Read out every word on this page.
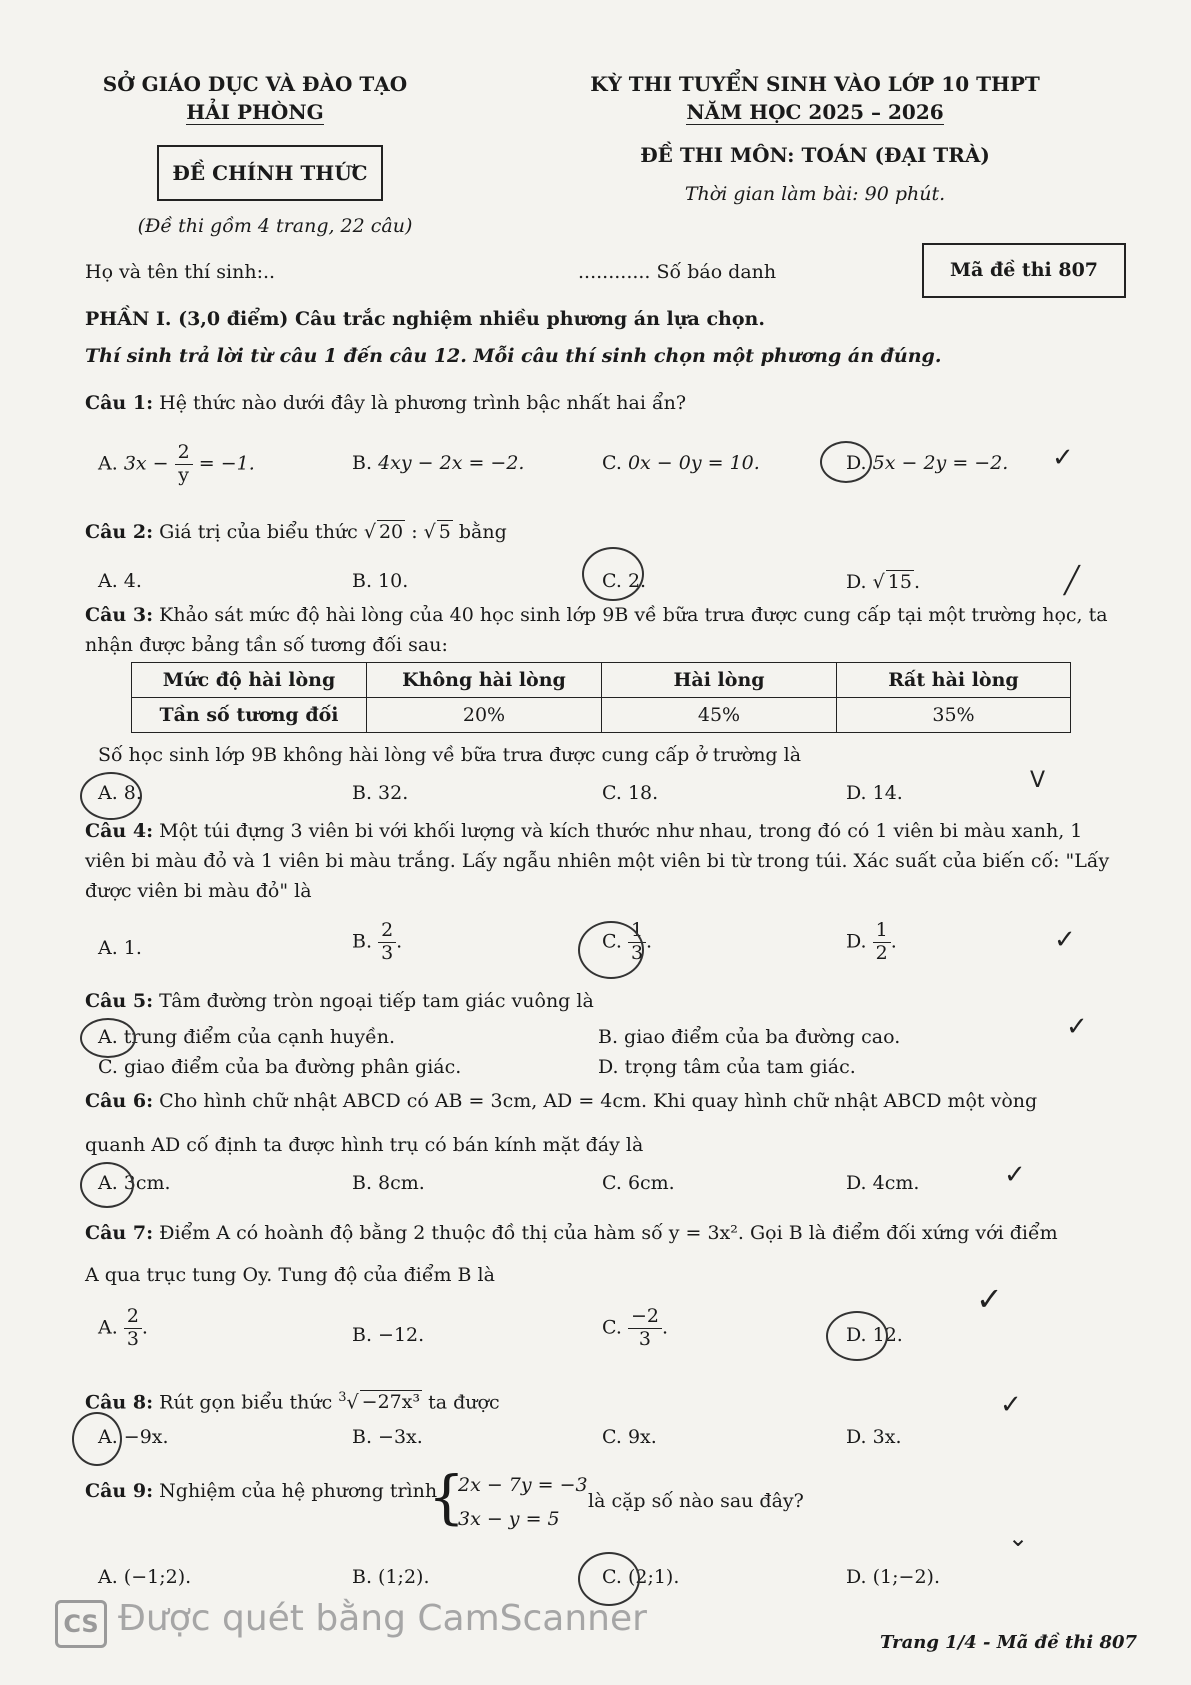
SỞ GIÁO DỤC VÀ ĐÀO TẠO
HẢI PHÒNG
ĐỀ CHÍNH THỨC
(Đề thi gồm 4 trang, 22 câu)
KỲ THI TUYỂN SINH VÀO LỚP 10 THPT
NĂM HỌC 2025 – 2026
ĐỀ THI MÔN: TOÁN (ĐẠI TRÀ)
Thời gian làm bài: 90 phút.
Họ và tên thí sinh:..	............ Số báo danh	Mã đề thi 807
PHẦN I. (3,0 điểm) Câu trắc nghiệm nhiều phương án lựa chọn.
Thí sinh trả lời từ câu 1 đến câu 12. Mỗi câu thí sinh chọn một phương án đúng.
Câu 1: Hệ thức nào dưới đây là phương trình bậc nhất hai ẩn?
A. $3x - \frac{2}{y} = -1$.	B. 4xy − 2x = −2.	C. 0x − 0y = 10.	D. 5x − 2y = −2. ✓
Câu 2: Giá trị của biểu thức √ 20 : √ 5 bằng
A. 4.	B. 10.	C. 2.	D. √ 15 .	╱
Câu 3: Khảo sát mức độ hài lòng của 40 học sinh lớp 9B về bữa trưa được cung cấp tại một trường học, ta
nhận được bảng tần số tương đối sau:
Mức độ hài lòng	Không hài lòng	Hài lòng	Rất hài lòng
Tần số tương đối	20%	45%	35%
Số học sinh lớp 9B không hài lòng về bữa trưa được cung cấp ở trường là
A. 8.	B. 32.	C. 18.	D. 14.	V
Câu 4: Một túi đựng 3 viên bi với khối lượng và kích thước như nhau, trong đó có 1 viên bi màu xanh, 1
viên bi màu đỏ và 1 viên bi màu trắng. Lấy ngẫu nhiên một viên bi từ trong túi. Xác suất của biến cố: "Lấy
được viên bi màu đỏ" là
A. 1.	B. $\frac{2}{3}$ .	C. $\frac{1}{3}$ .	D. $\frac{1}{2}$ .	✓
Câu 5: Tâm đường tròn ngoại tiếp tam giác vuông là
A. trung điểm của cạnh huyền.	B. giao điểm của ba đường cao.
C. giao điểm của ba đường phân giác.	D. trọng tâm của tam giác.
✓
Câu 6: Cho hình chữ nhật ABCD có AB = 3cm, AD = 4cm. Khi quay hình chữ nhật ABCD một vòng
quanh AD cố định ta được hình trụ có bán kính mặt đáy là
A. 3cm.	B. 8cm.	C. 6cm.	D. 4cm.	✓
Câu 7: Điểm A có hoành độ bằng 2 thuộc đồ thị của hàm số y = 3x². Gọi B là điểm đối xứng với điểm
A qua trục tung Oy. Tung độ của điểm B là
A. $\frac{2}{3}$ .	B. −12.	C. $\frac{-2}{3}$ .	D. 12.
✓
Câu 8: Rút gọn biểu thức $^3$√ −27x³ ta được
A. −9x.	B. −3x.	C. 9x.	D. 3x.
✓
Câu 9: Nghiệm của hệ phương trình
{
2x − 7y = −3
3x − y = 5
là cặp số nào sau đây?
A. (−1;2).	B. (1;2).	C. (2;1).	D. (1;−2).
⌄
CS Được quét bằng CamScanner
Trang 1/4 - Mã đề thi 807
